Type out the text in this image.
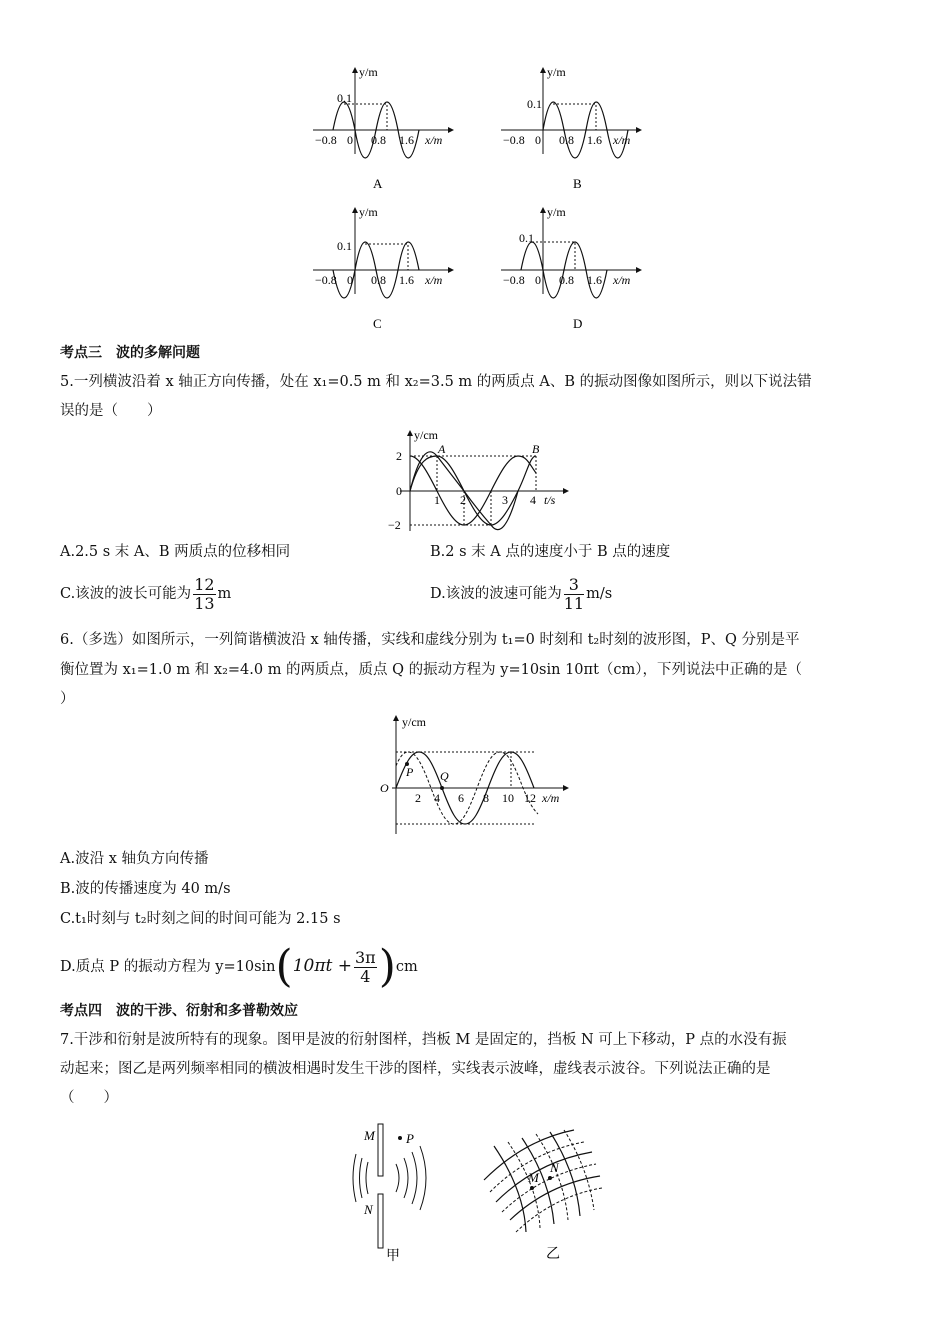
y/m
0.1
−0.8 0 0.8 1.6 x/m
A
y/m
0.1
−0.8 0 0.8 1.6 x/m
B
y/m
0.1
−0.8 0 0.8 1.6 x/m
C
y/m
0.1
−0.8 0 0.8 1.6 x/m
D
考点三　波的多解问题
5.一列横波沿着 x 轴正方向传播，处在 x₁=0.5 m 和 x₂=3.5 m 的两质点 A、B 的振动图像如图所示，则以下说法错
误的是（　　）
y/cm
2
0
−2
1 2	3 4 t/s
A	B
A.2.5 s 末 A、B 两质点的位移相同	B.2 s 末 A 点的速度小于 B 点的速度
C.该波的波长可能为 $\frac{12}{13}$ m	D.该波的波速可能为 $\frac{3}{11} m/s$
6.（多选）如图所示，一列简谐横波沿 x 轴传播，实线和虚线分别为 t₁=0 时刻和 t₂时刻的波形图，P、Q 分别是平
衡位置为 x₁=1.0 m 和 x₂=4.0 m 的两质点，质点 Q 的振动方程为 y=10sin 10πt（cm），下列说法中正确的是（
）
y/cm
O
P Q
2 4 6 8 10 12 x/m
A.波沿 x 轴负方向传播
B.波的传播速度为 40 m/s
C.t₁时刻与 t₂时刻之间的时间可能为 2.15 s
D.质点 P 的振动方程为 $y=10\sin(10\pi t + \frac{3\pi}{4} )cm$
考点四　波的干涉、衍射和多普勒效应
7.干涉和衍射是波所特有的现象。图甲是波的衍射图样，挡板 M 是固定的，挡板 N 可上下移动，P 点的水没有振
动起来；图乙是两列频率相同的横波相遇时发生干涉的图样，实线表示波峰，虚线表示波谷。下列说法正确的是
（　　）
M P
N
甲
M
N
乙
